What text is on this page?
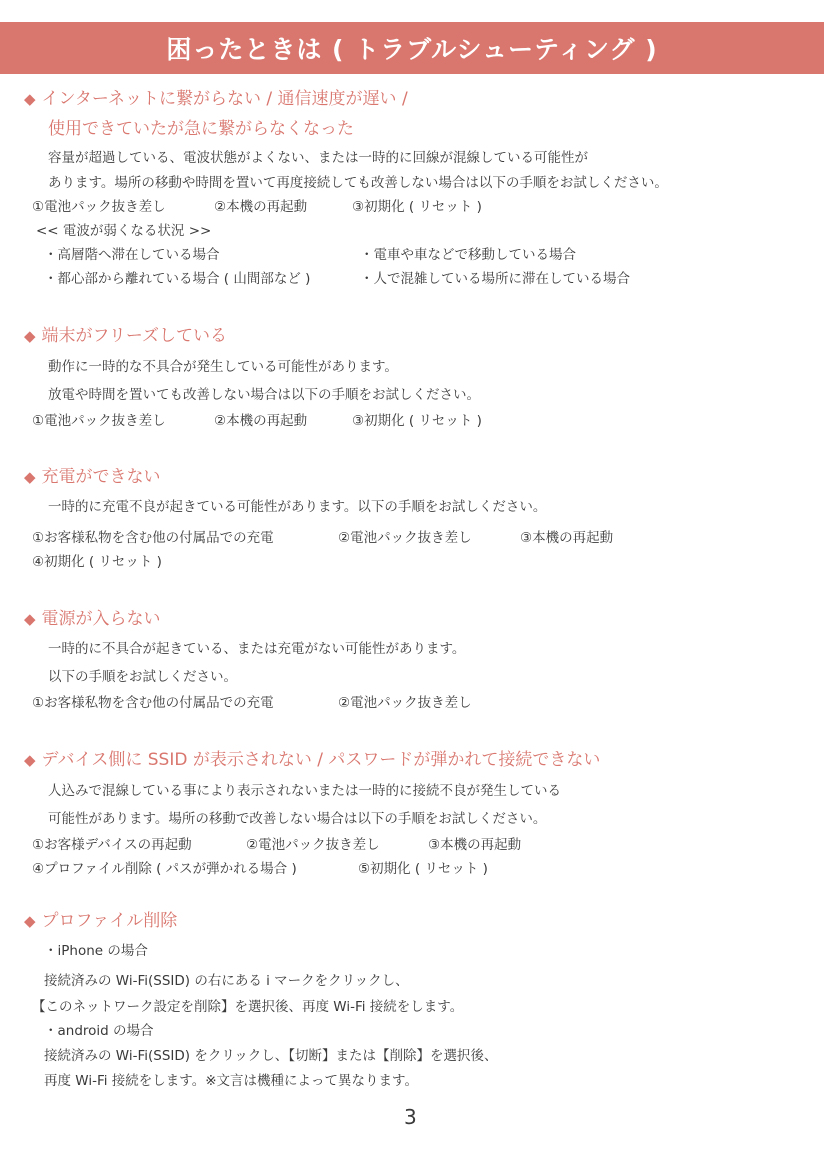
困ったときは ( トラブルシューティング )
◆ インターネットに繋がらない / 通信速度が遅い /
使用できていたが急に繋がらなくなった
容量が超過している、電波状態がよくない、または一時的に回線が混線している可能性が
あります。場所の移動や時間を置いて再度接続しても改善しない場合は以下の手順をお試しください。
①電池パック抜き差し	②本機の再起動	③初期化 ( リセット )
<< 電波が弱くなる状況 >>
・高層階へ滞在している場合	・電車や車などで移動している場合
・都心部から離れている場合 ( 山間部など )	・人で混雑している場所に滞在している場合
◆ 端末がフリーズしている
動作に一時的な不具合が発生している可能性があります。
放電や時間を置いても改善しない場合は以下の手順をお試しください。
①電池パック抜き差し	②本機の再起動	③初期化 ( リセット )
◆ 充電ができない
一時的に充電不良が起きている可能性があります。以下の手順をお試しください。
①お客様私物を含む他の付属品での充電	②電池パック抜き差し	③本機の再起動
④初期化 ( リセット )
◆ 電源が入らない
一時的に不具合が起きている、または充電がない可能性があります。
以下の手順をお試しください。
①お客様私物を含む他の付属品での充電	②電池パック抜き差し
◆ デバイス側に SSID が表示されない / パスワードが弾かれて接続できない
人込みで混線している事により表示されないまたは一時的に接続不良が発生している
可能性があります。場所の移動で改善しない場合は以下の手順をお試しください。
①お客様デバイスの再起動	②電池パック抜き差し	③本機の再起動
④プロファイル削除 ( パスが弾かれる場合 )	⑤初期化 ( リセット )
◆ プロファイル削除
・iPhone の場合
接続済みの Wi-Fi(SSID) の右にある i マークをクリックし、
【このネットワーク設定を削除】を選択後、再度 Wi-Fi 接続をします。
・android の場合
接続済みの Wi-Fi(SSID) をクリックし、【切断】または【削除】を選択後、
再度 Wi-Fi 接続をします。※文言は機種によって異なります。
3
